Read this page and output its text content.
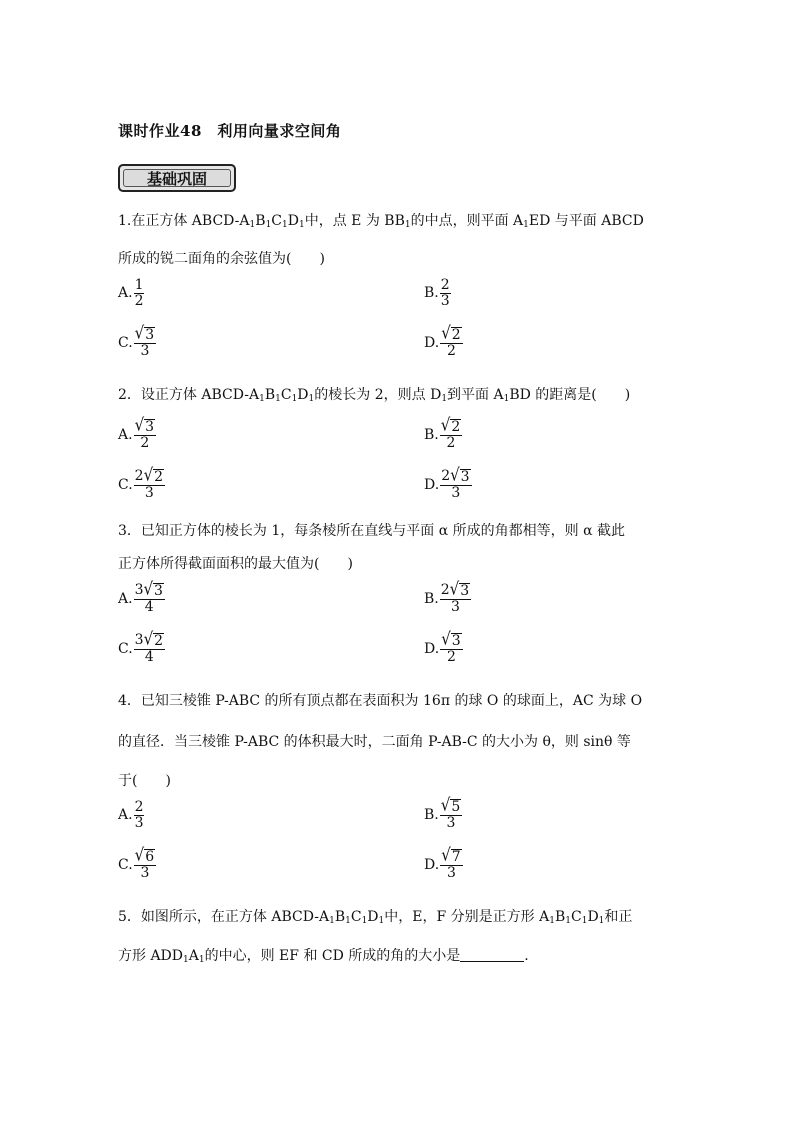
课时作业48　 利用向量求空间角
基础巩固
1.在正方体 ABCD-$A_1B_1C_1D_1$中，点 E 为 $BB_1$的中点，则平面 $A_1ED$ 与平面 ABCD
所成的锐二面角的余弦值为(　　)
A. $\frac{1}{2}$	B. $\frac{2}{3}$
C. $\frac{√ 3}{3}$	D. $\frac{√ 2}{2}$
2．设正方体 ABCD-$A_1B_1C_1D_1$的棱长为 2，则点 $D_1$到平面 $A_1BD$ 的距离是(　　)
A. $\frac{√ 3}{2}$	B. $\frac{√ 2}{2}$
C. $\frac{2 √ 2}{3}$	D. $\frac{2 √ 3}{3}$
3．已知正方体的棱长为 1，每条棱所在直线与平面 α 所成的角都相等，则 α 截此
正方体所得截面面积的最大值为(　　)
A. $\frac{3 √ 3}{4}$	B. $\frac{2 √ 3}{3}$
C. $\frac{3 √ 2}{4}$	D. $\frac{√ 3}{2}$
4．已知三棱锥 P-ABC 的所有顶点都在表面积为 16π 的球 O 的球面上，AC 为球 O
的直径．当三棱锥 P-ABC 的体积最大时，二面角 P-AB-C 的大小为 θ，则 sinθ 等
于(　　)
A. $\frac{2}{3}$	B. $\frac{√ 5}{3}$
C. $\frac{√ 6}{3}$	D. $\frac{√ 7}{3}$
5．如图所示，在正方体 ABCD-$A_1B_1C_1D_1$中，E，F 分别是正方形 $A_1B_1C_1D_1$和正
方形 $ADD_1A_1$的中心，则 EF 和 CD 所成的角的大小是	.
